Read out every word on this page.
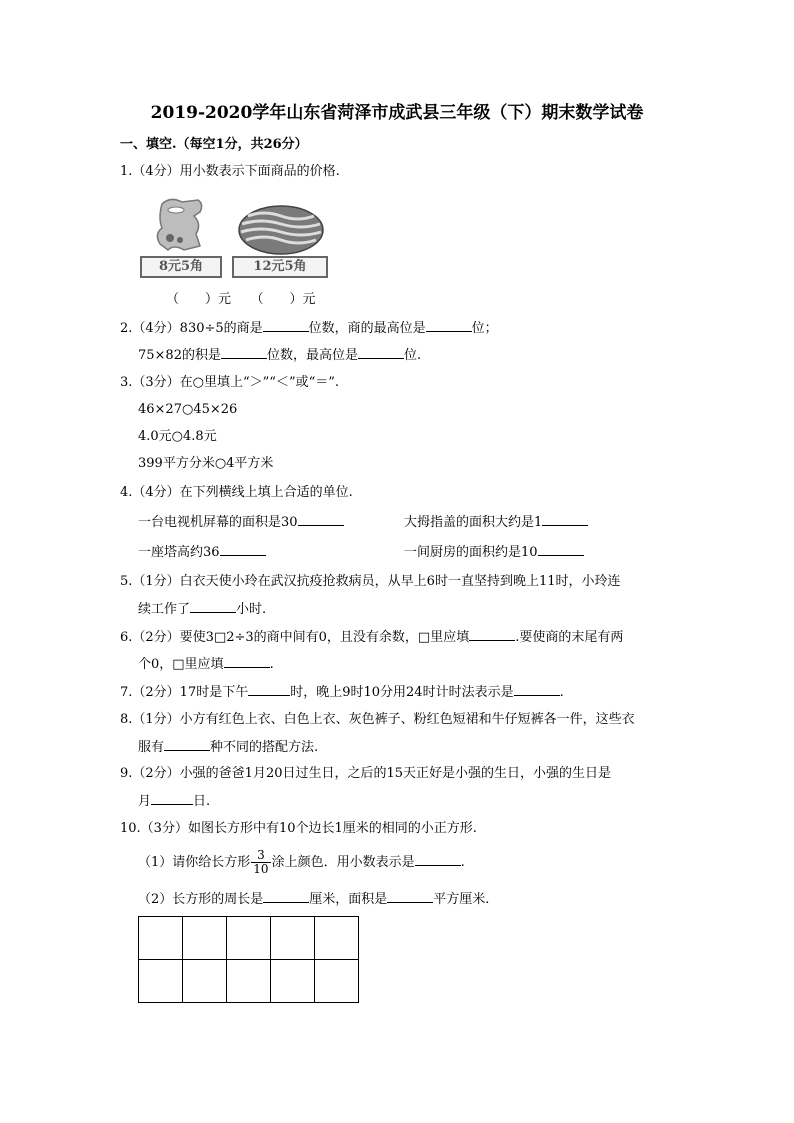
2019-2020学年山东省菏泽市成武县三年级（下）期末数学试卷
一、填空.（每空1分，共26分）
1.（4分）用小数表示下面商品的价格.
8元5角	12元5角
（　　）元　　（　　）元
2.（4分）830÷5的商是	位数，商的最高位是	位；
75×82的积是	位数，最高位是	位.
3.（3分）在○里填上“＞”“＜”或“＝”.
46×27○45×26
4.0元○4.8元
399平方分米○4平方米
4.（4分）在下列横线上填上合适的单位.
一台电视机屏幕的面积是30	大拇指盖的面积大约是1
一座塔高约36	一间厨房的面积约是10
5.（1分）白衣天使小玲在武汉抗疫抢救病员，从早上6时一直坚持到晚上11时，小玲连
续工作了	小时.
6.（2分）要使3□2÷3的商中间有0，且没有余数，□里应填	.要使商的末尾有两
个0，□里应填	.
7.（2分）17时是下午	时，晚上9时10分用24时计时法表示是	.
8.（1分）小方有红色上衣、白色上衣、灰色裤子、粉红色短裙和牛仔短裤各一件，这些衣
服有	种不同的搭配方法.
9.（2分）小强的爸爸1月20日过生日，之后的15天正好是小强的生日，小强的生日是
月	日.
10.（3分）如图长方形中有10个边长1厘米的相同的小正方形.
（1）请你给长方形 $\frac{3}{10}$ 涂上颜色．用小数表示是	.
（2）长方形的周长是	厘米，面积是	平方厘米.
